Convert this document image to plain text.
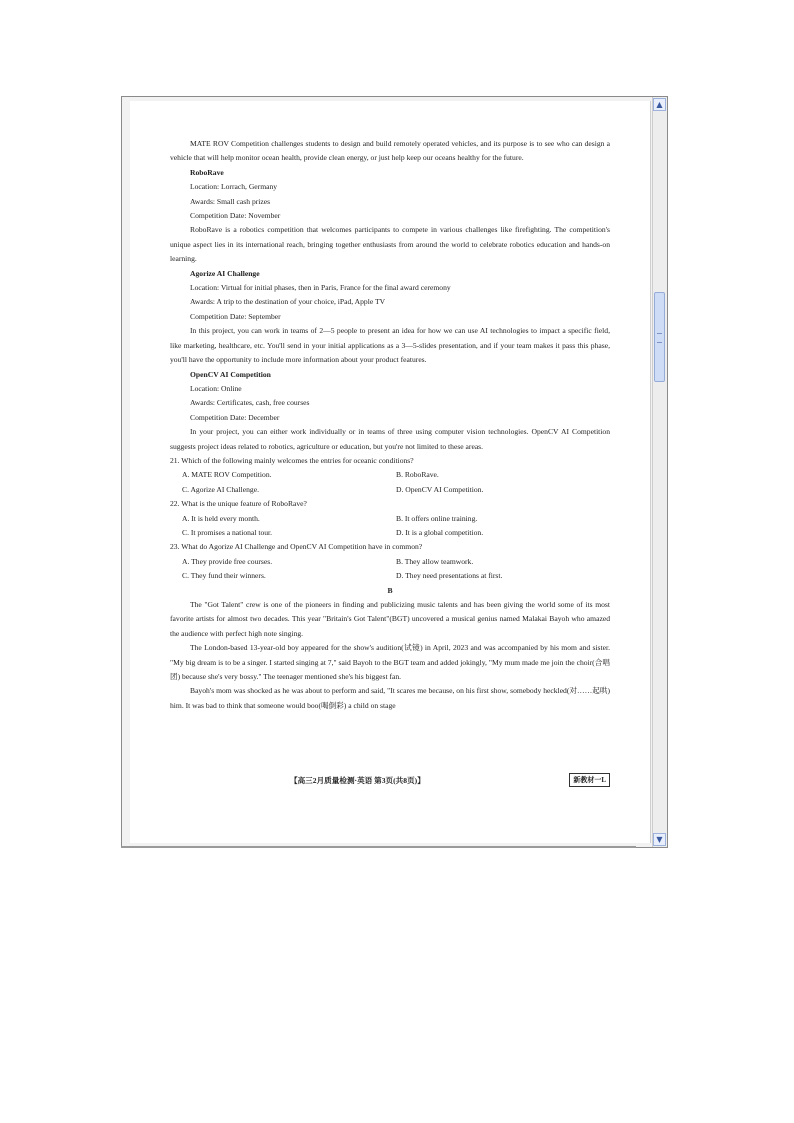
MATE ROV Competition challenges students to design and build remotely operated vehicles, and its purpose is to see who can design a vehicle that will help monitor ocean health, provide clean energy, or just help keep our oceans healthy for the future.

RoboRave

Location: Lorrach, Germany

Awards: Small cash prizes

Competition Date: November

RoboRave is a robotics competition that welcomes participants to compete in various challenges like firefighting. The competition's unique aspect lies in its international reach, bringing together enthusiasts from around the world to celebrate robotics education and hands-on learning.

Agorize AI Challenge

Location: Virtual for initial phases, then in Paris, France for the final award ceremony

Awards: A trip to the destination of your choice, iPad, Apple TV

Competition Date: September

In this project, you can work in teams of 2—5 people to present an idea for how we can use AI technologies to impact a specific field, like marketing, healthcare, etc. You'll send in your initial applications as a 3—5-slides presentation, and if your team makes it pass this phase, you'll have the opportunity to include more information about your product features.

OpenCV AI Competition

Location: Online

Awards: Certificates, cash, free courses

Competition Date: December

In your project, you can either work individually or in teams of three using computer vision technologies. OpenCV AI Competition suggests project ideas related to robotics, agriculture or education, but you're not limited to these areas.

21. Which of the following mainly welcomes the entries for oceanic conditions?

A. MATE ROV Competition.	B. RoboRave.
C. Agorize AI Challenge.	D. OpenCV AI Competition.

22. What is the unique feature of RoboRave?

A. It is held every month.	B. It offers online training.
C. It promises a national tour.	D. It is a global competition.

23. What do Agorize AI Challenge and OpenCV AI Competition have in common?

A. They provide free courses.	B. They allow teamwork.
C. They fund their winners.	D. They need presentations at first.

B

The "Got Talent" crew is one of the pioneers in finding and publicizing music talents and has been giving the world some of its most favorite artists for almost two decades. This year "Britain's Got Talent"(BGT) uncovered a musical genius named Malakai Bayoh who amazed the audience with perfect high note singing.

The London-based 13-year-old boy appeared for the show's audition(试镜) in April, 2023 and was accompanied by his mom and sister. "My big dream is to be a singer. I started singing at 7," said Bayoh to the BGT team and added jokingly, "My mum made me join the choir(合唱团) because she's very bossy." The teenager mentioned she's his biggest fan.

Bayoh's mom was shocked as he was about to perform and said, "It scares me because, on his first show, somebody heckled(对……起哄) him. It was bad to think that someone would boo(喝倒彩) a child on stage

【高三2月质量检测·英语 第3页(共8页)】	新教材一L
▲
▼
